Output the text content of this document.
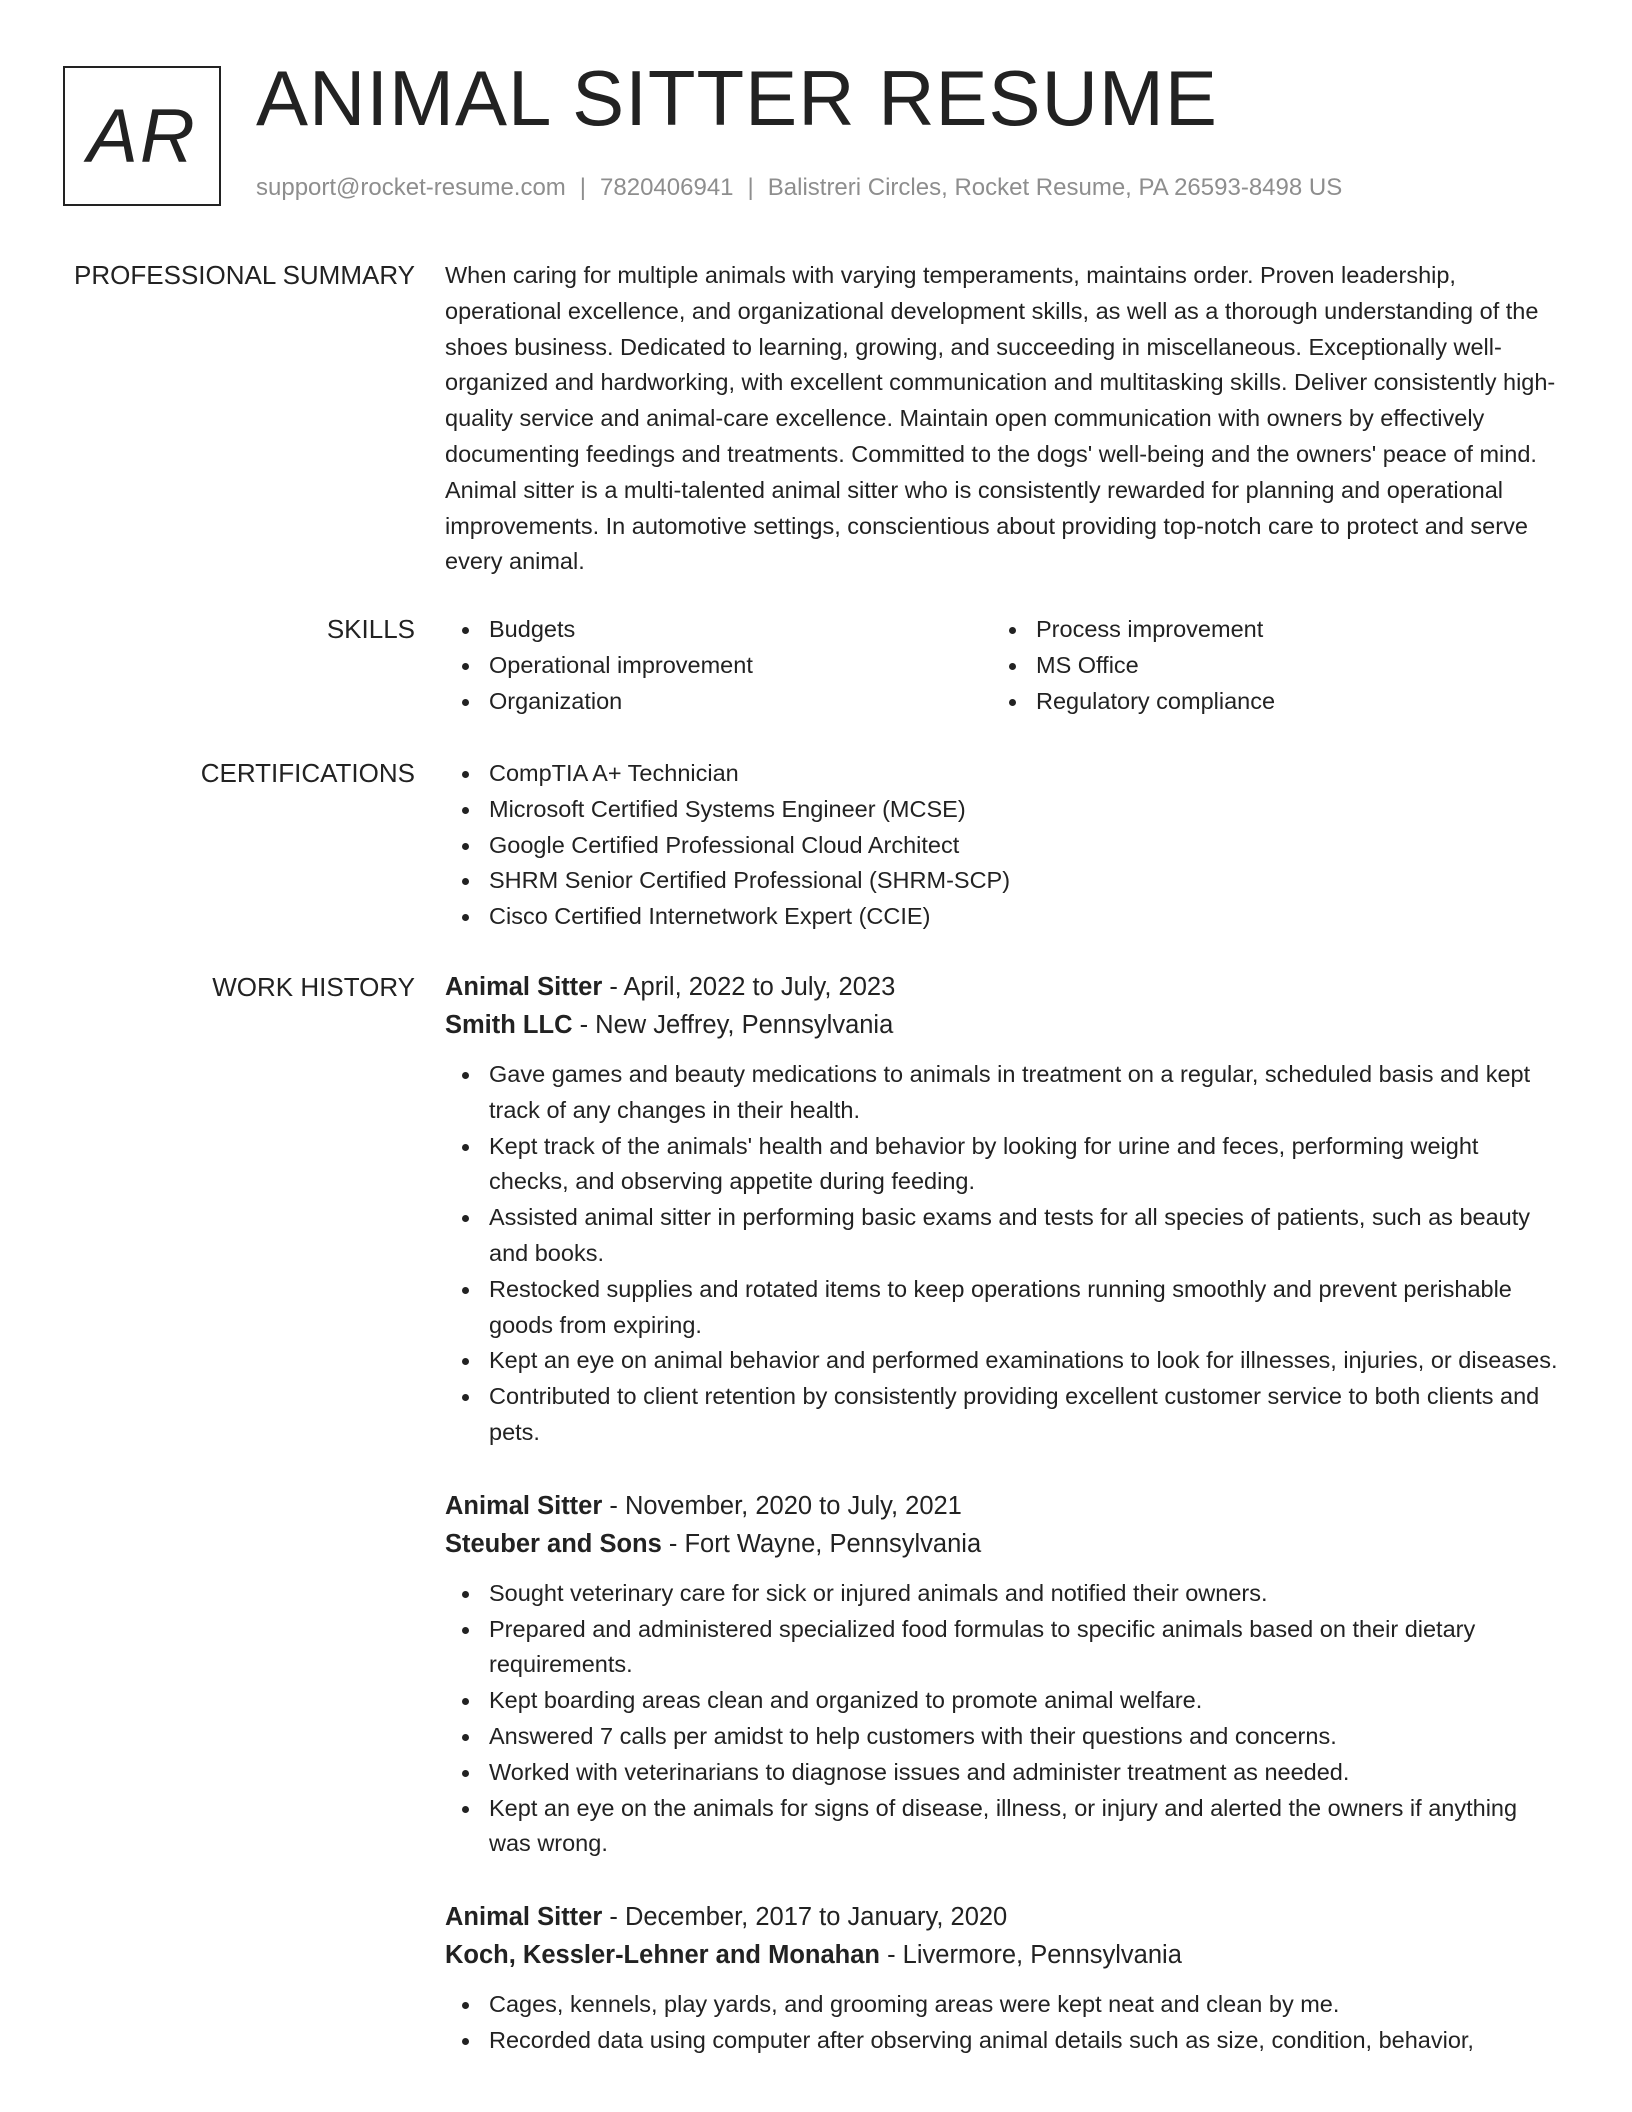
AR ANIMAL SITTER RESUME
support@rocket-resume.com | 7820406941 | Balistreri Circles, Rocket Resume, PA 26593-8498 US
PROFESSIONAL SUMMARY When caring for multiple animals with varying temperaments, maintains order. Proven leadership, operational excellence, and organizational development skills, as well as a thorough understanding of the shoes business. Dedicated to learning, growing, and succeeding in miscellaneous. Exceptionally well-organized and hardworking, with excellent communication and multitasking skills. Deliver consistently high-quality service and animal-care excellence. Maintain open communication with owners by effectively documenting feedings and treatments. Committed to the dogs' well-being and the owners' peace of mind. Animal sitter is a multi-talented animal sitter who is consistently rewarded for planning and operational improvements. In automotive settings, conscientious about providing top-notch care to protect and serve every animal.
SKILLS	Budgets	Process improvement
Operational improvement	MS Office
Organization	Regulatory compliance
CERTIFICATIONS	CompTIA A+ Technician
Microsoft Certified Systems Engineer (MCSE)
Google Certified Professional Cloud Architect
SHRM Senior Certified Professional (SHRM-SCP)
Cisco Certified Internetwork Expert (CCIE)
WORK HISTORY Animal Sitter - April, 2022 to July, 2023
Smith LLC - New Jeffrey, Pennsylvania
Gave games and beauty medications to animals in treatment on a regular, scheduled basis and kept track of any changes in their health.
Kept track of the animals' health and behavior by looking for urine and feces, performing weight checks, and observing appetite during feeding.
Assisted animal sitter in performing basic exams and tests for all species of patients, such as beauty and books.
Restocked supplies and rotated items to keep operations running smoothly and prevent perishable goods from expiring.
Kept an eye on animal behavior and performed examinations to look for illnesses, injuries, or diseases.
Contributed to client retention by consistently providing excellent customer service to both clients and pets.
Animal Sitter - November, 2020 to July, 2021
Steuber and Sons - Fort Wayne, Pennsylvania
Sought veterinary care for sick or injured animals and notified their owners.
Prepared and administered specialized food formulas to specific animals based on their dietary requirements.
Kept boarding areas clean and organized to promote animal welfare.
Answered 7 calls per amidst to help customers with their questions and concerns.
Worked with veterinarians to diagnose issues and administer treatment as needed.
Kept an eye on the animals for signs of disease, illness, or injury and alerted the owners if anything was wrong.
Animal Sitter - December, 2017 to January, 2020
Koch, Kessler-Lehner and Monahan - Livermore, Pennsylvania
Cages, kennels, play yards, and grooming areas were kept neat and clean by me.
Recorded data using computer after observing animal details such as size, condition, behavior,
